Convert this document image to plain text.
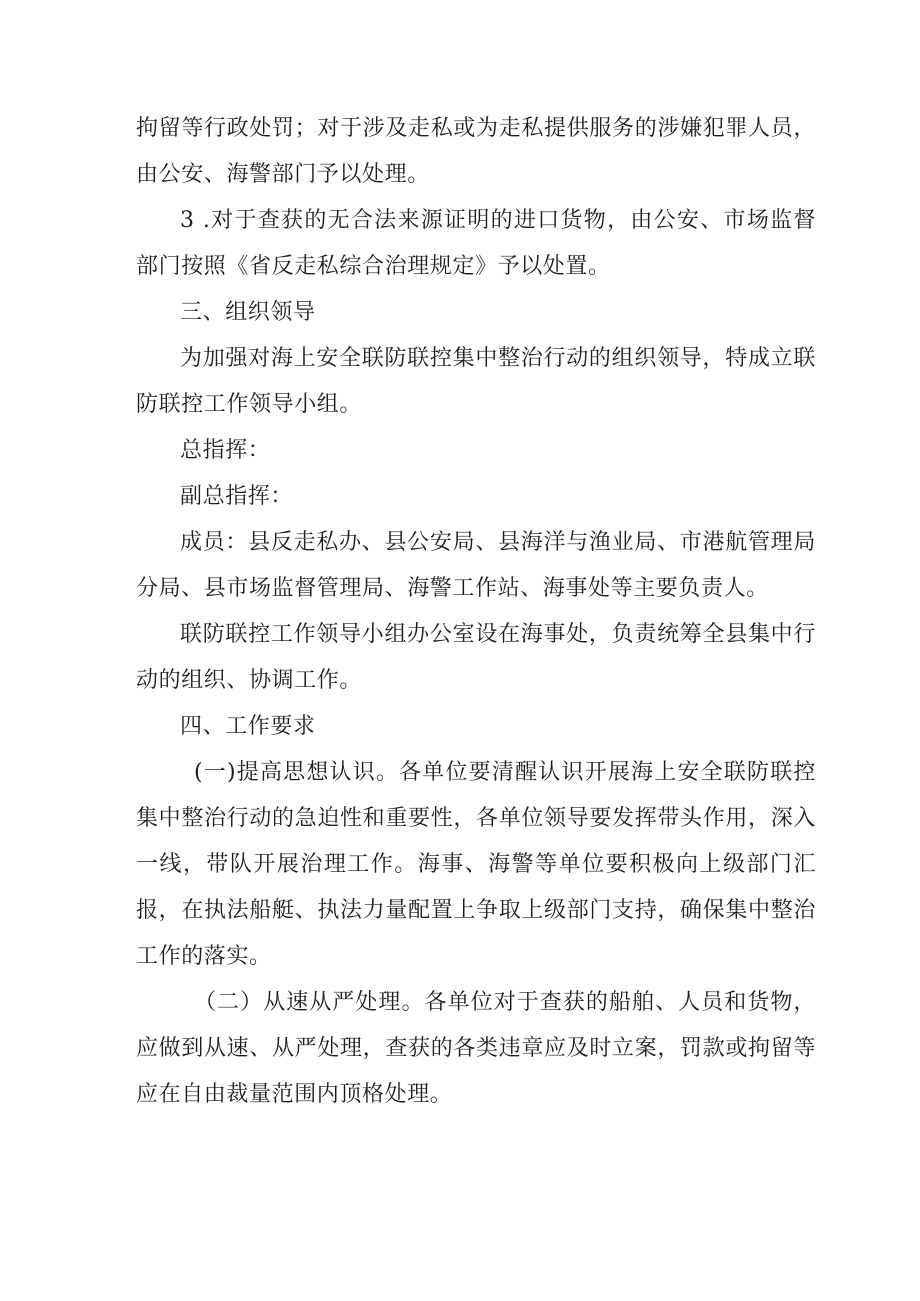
拘留等行政处罚；对于涉及走私或为走私提供服务的涉嫌犯罪人员，由公安、海警部门予以处理。

3 .对于查获的无合法来源证明的进口货物，由公安、市场监督部门按照《省反走私综合治理规定》予以处置。

三、组织领导

为加强对海上安全联防联控集中整治行动的组织领导，特成立联防联控工作领导小组。

总指挥：

副总指挥：

成员：县反走私办、县公安局、县海洋与渔业局、市港航管理局分局、县市场监督管理局、海警工作站、海事处等主要负责人。

联防联控工作领导小组办公室设在海事处，负责统筹全县集中行动的组织、协调工作。

四、工作要求

(一)提高思想认识。各单位要清醒认识开展海上安全联防联控集中整治行动的急迫性和重要性，各单位领导要发挥带头作用，深入一线，带队开展治理工作。海事、海警等单位要积极向上级部门汇报，在执法船艇、执法力量配置上争取上级部门支持，确保集中整治工作的落实。

（二）从速从严处理。各单位对于查获的船舶、人员和货物，应做到从速、从严处理，查获的各类违章应及时立案，罚款或拘留等应在自由裁量范围内顶格处理。
